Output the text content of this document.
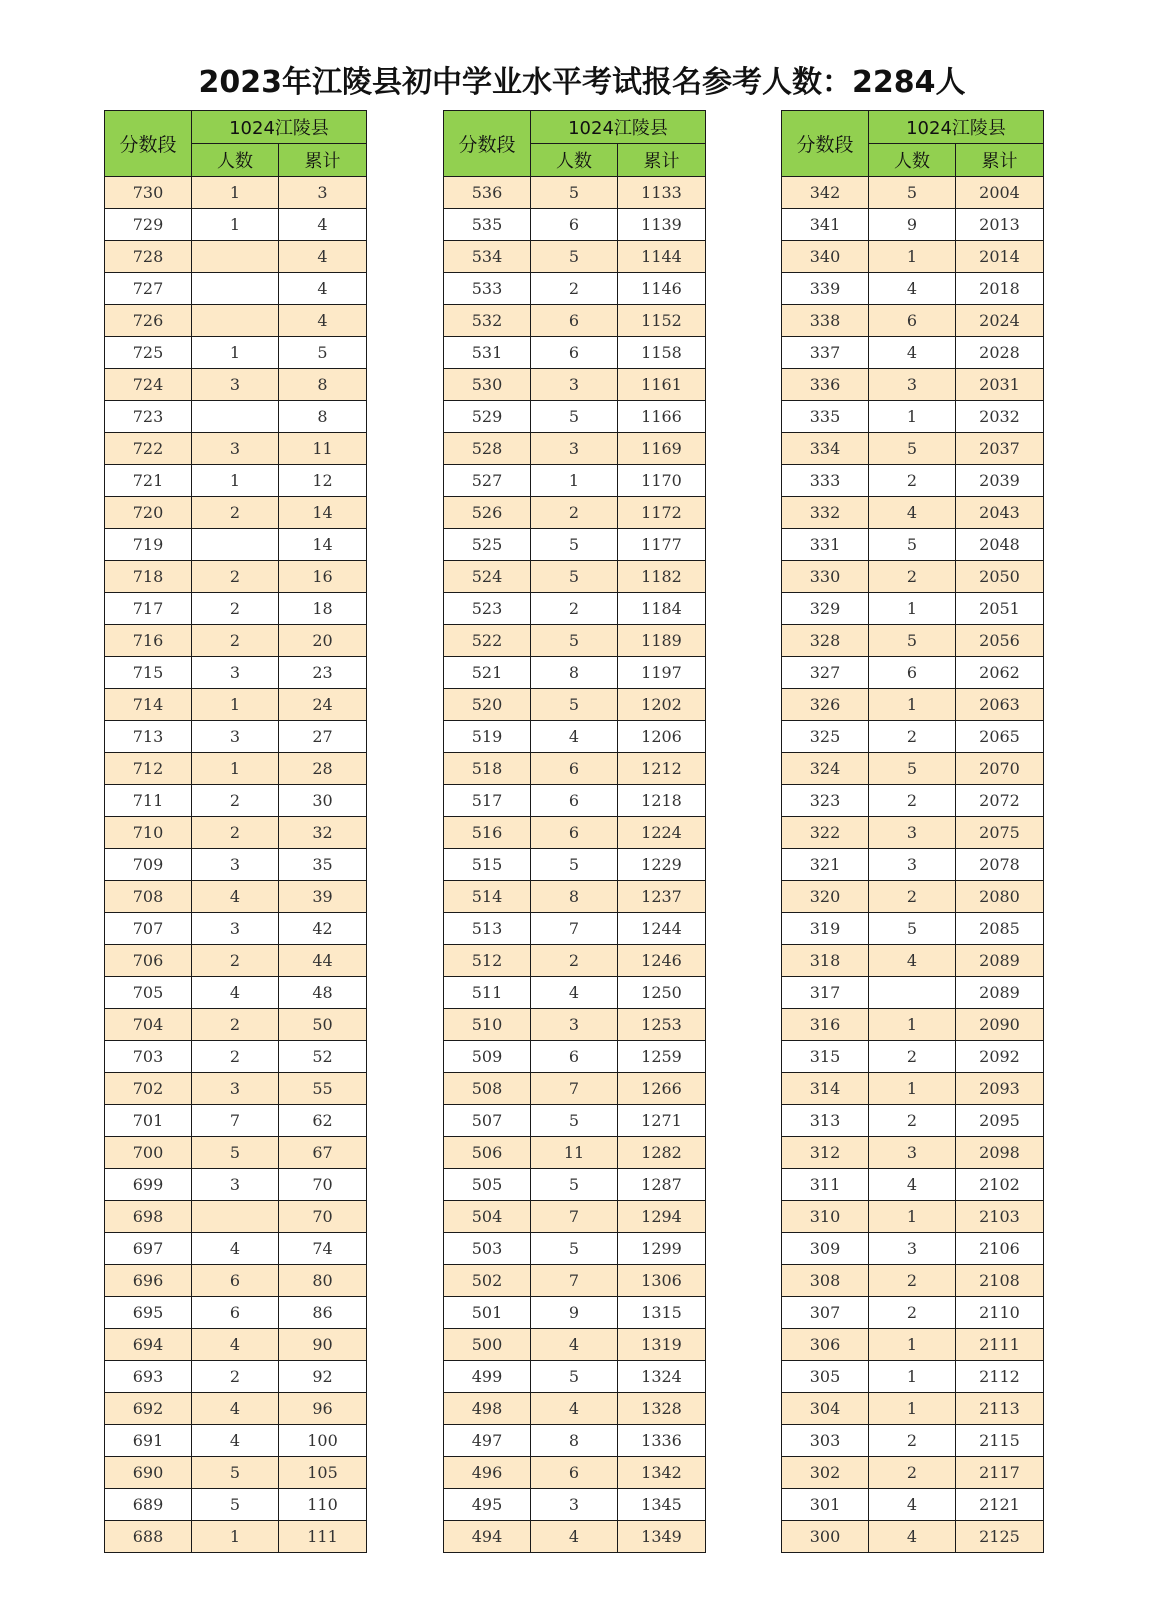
2023年江陵县初中学业水平考试报名参考人数：2284人
分数段	1024江陵县	
	人数	累计
730	1	3
729	1	4
728		4
727		4
726		4
725	1	5
724	3	8
723		8
722	3	11
721	1	12
720	2	14
719		14
718	2	16
717	2	18
716	2	20
715	3	23
714	1	24
713	3	27
712	1	28
711	2	30
710	2	32
709	3	35
708	4	39
707	3	42
706	2	44
705	4	48
704	2	50
703	2	52
702	3	55
701	7	62
700	5	67
699	3	70
698		70
697	4	74
696	6	80
695	6	86
694	4	90
693	2	92
692	4	96
691	4	100
690	5	105
689	5	110
688	1	111
分数段	1024江陵县	
	人数	累计
536	5	1133
535	6	1139
534	5	1144
533	2	1146
532	6	1152
531	6	1158
530	3	1161
529	5	1166
528	3	1169
527	1	1170
526	2	1172
525	5	1177
524	5	1182
523	2	1184
522	5	1189
521	8	1197
520	5	1202
519	4	1206
518	6	1212
517	6	1218
516	6	1224
515	5	1229
514	8	1237
513	7	1244
512	2	1246
511	4	1250
510	3	1253
509	6	1259
508	7	1266
507	5	1271
506	11	1282
505	5	1287
504	7	1294
503	5	1299
502	7	1306
501	9	1315
500	4	1319
499	5	1324
498	4	1328
497	8	1336
496	6	1342
495	3	1345
494	4	1349
分数段	1024江陵县	
	人数	累计
342	5	2004
341	9	2013
340	1	2014
339	4	2018
338	6	2024
337	4	2028
336	3	2031
335	1	2032
334	5	2037
333	2	2039
332	4	2043
331	5	2048
330	2	2050
329	1	2051
328	5	2056
327	6	2062
326	1	2063
325	2	2065
324	5	2070
323	2	2072
322	3	2075
321	3	2078
320	2	2080
319	5	2085
318	4	2089
317		2089
316	1	2090
315	2	2092
314	1	2093
313	2	2095
312	3	2098
311	4	2102
310	1	2103
309	3	2106
308	2	2108
307	2	2110
306	1	2111
305	1	2112
304	1	2113
303	2	2115
302	2	2117
301	4	2121
300	4	2125
